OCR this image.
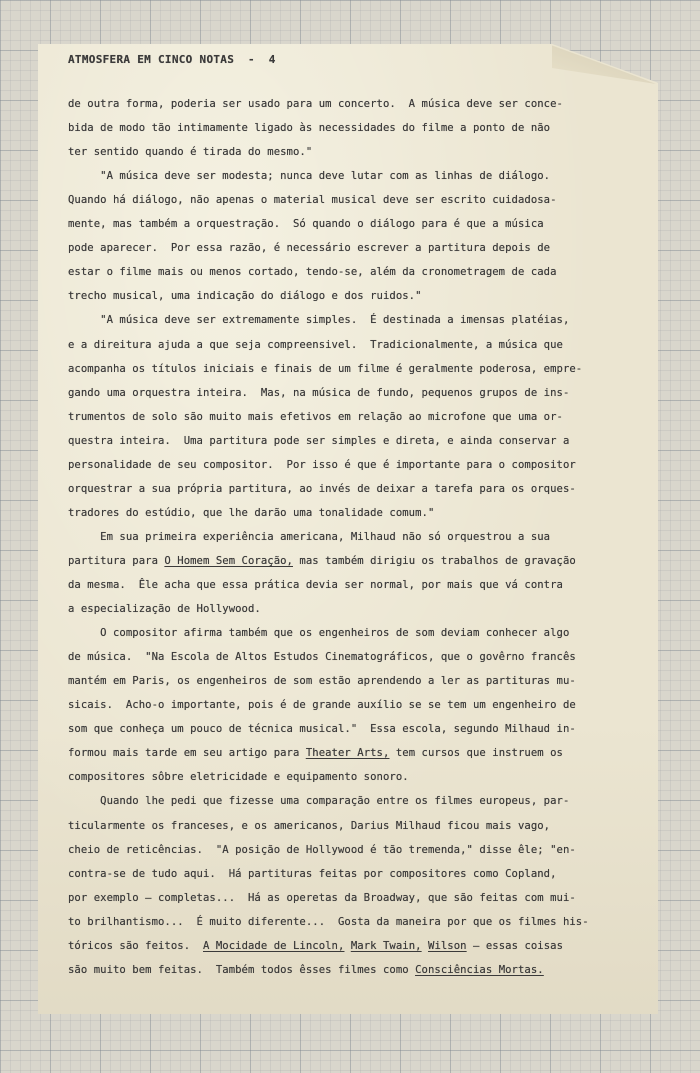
ATMOSFERA EM CINCO NOTAS  -  4
de outra forma, poderia ser usado para um concerto.  A música deve ser conce-
bida de modo tão intimamente ligado às necessidades do filme a ponto de não
ter sentido quando é tirada do mesmo."
"A música deve ser modesta; nunca deve lutar com as linhas de diálogo.
Quando há diálogo, não apenas o material musical deve ser escrito cuidadosa-
mente, mas também a orquestração.  Só quando o diálogo para é que a música
pode aparecer.  Por essa razão, é necessário escrever a partitura depois de
estar o filme mais ou menos cortado, tendo-se, além da cronometragem de cada
trecho musical, uma indicação do diálogo e dos ruidos."
"A música deve ser extremamente simples.  É destinada a imensas platéias,
e a direitura ajuda a que seja compreensivel.  Tradicionalmente, a música que
acompanha os títulos iniciais e finais de um filme é geralmente poderosa, empre-
gando uma orquestra inteira.  Mas, na música de fundo, pequenos grupos de ins-
trumentos de solo são muito mais efetivos em relação ao microfone que uma or-
questra inteira.  Uma partitura pode ser simples e direta, e ainda conservar a
personalidade de seu compositor.  Por isso é que é importante para o compositor
orquestrar a sua própria partitura, ao invés de deixar a tarefa para os orques-
tradores do estúdio, que lhe darão uma tonalidade comum."
Em sua primeira experiência americana, Milhaud não só orquestrou a sua
partitura para O Homem Sem Coração, mas também dirigiu os trabalhos de gravação
da mesma.  Êle acha que essa prática devia ser normal, por mais que vá contra
a especialização de Hollywood.
O compositor afirma também que os engenheiros de som deviam conhecer algo
de música.  "Na Escola de Altos Estudos Cinematográficos, que o govêrno francês
mantém em Paris, os engenheiros de som estão aprendendo a ler as partituras mu-
sicais.  Acho-o importante, pois é de grande auxílio se se tem um engenheiro de
som que conheça um pouco de técnica musical."  Essa escola, segundo Milhaud in-
formou mais tarde em seu artigo para Theater Arts, tem cursos que instruem os
compositores sôbre eletricidade e equipamento sonoro.
Quando lhe pedi que fizesse uma comparação entre os filmes europeus, par-
ticularmente os franceses, e os americanos, Darius Milhaud ficou mais vago,
cheio de reticências.  "A posição de Hollywood é tão tremenda," disse êle; "en-
contra-se de tudo aqui.  Há partituras feitas por compositores como Copland,
por exemplo — completas...  Há as operetas da Broadway, que são feitas com mui-
to brilhantismo...  É muito diferente...  Gosta da maneira por que os filmes his-
tóricos são feitos.  A Mocidade de Lincoln, Mark Twain, Wilson — essas coisas
são muito bem feitas.  Também todos êsses filmes como Consciências Mortas.
